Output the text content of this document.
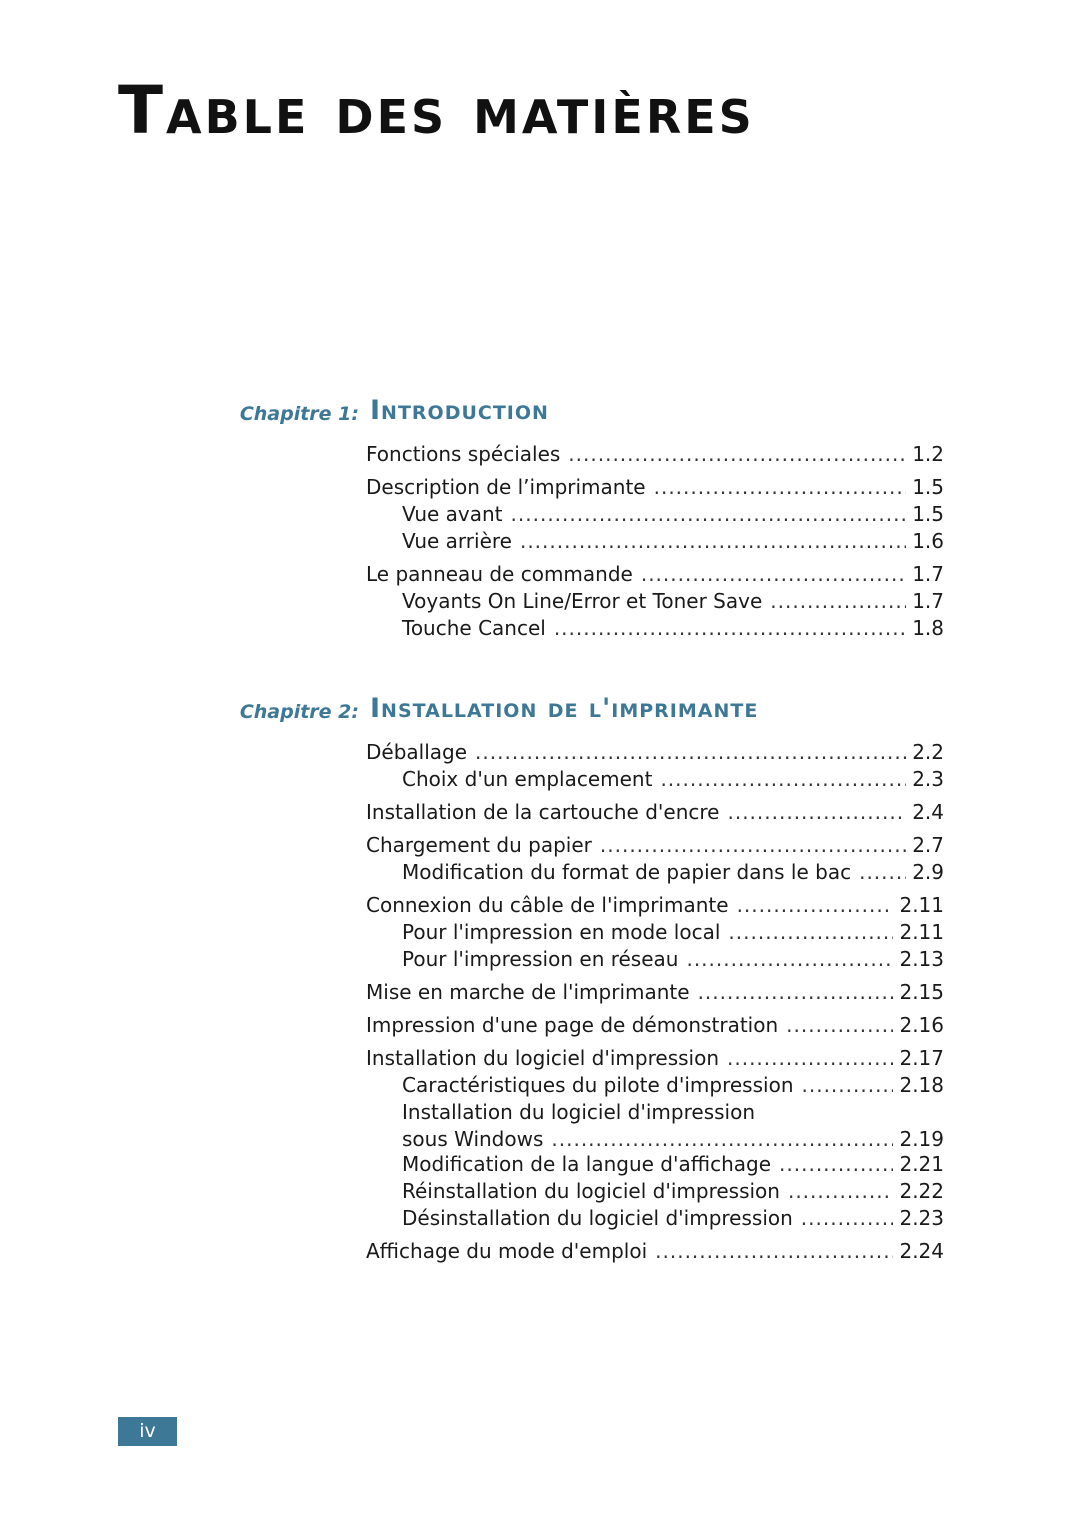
Table des matières
Chapitre 1: Introduction
Fonctions spéciales .....	1.2
Description de l’imprimante .....	1.5
Vue avant .....	1.5
Vue arrière .....	1.6
Le panneau de commande .....	1.7
Voyants On Line/Error et Toner Save .....	1.7
Touche Cancel .....	1.8
Chapitre 2: Installation de l'imprimante
Déballage .....	2.2
Choix d'un emplacement .....	2.3
Installation de la cartouche d'encre .....	2.4
Chargement du papier .....	2.7
Modification du format de papier dans le bac .....	2.9
Connexion du câble de l'imprimante .....	2.11
Pour l'impression en mode local .....	2.11
Pour l'impression en réseau .....	2.13
Mise en marche de l'imprimante .....	2.15
Impression d'une page de démonstration .....	2.16
Installation du logiciel d'impression .....	2.17
Caractéristiques du pilote d'impression .....	2.18
Installation du logiciel d'impression
sous Windows .....	2.19
Modification de la langue d'affichage .....	2.21
Réinstallation du logiciel d'impression .....	2.22
Désinstallation du logiciel d'impression .....	2.23
Affichage du mode d'emploi .....	2.24
iv
